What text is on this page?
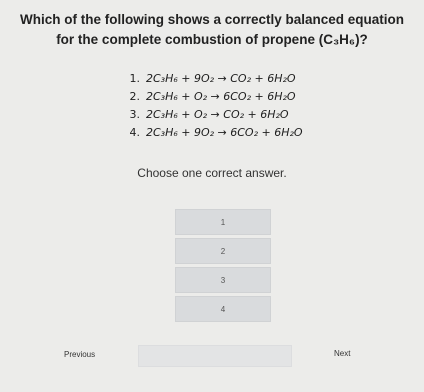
Which of the following shows a correctly balanced equation
for the complete combustion of propene (C₃H₆)?
1. 2C₃H₆ + 9O₂ → CO₂ + 6H₂O
2. 2C₃H₆ + O₂ → 6CO₂ + 6H₂O
3. 2C₃H₆ + O₂ → CO₂ + 6H₂O
4. 2C₃H₆ + 9O₂ → 6CO₂ + 6H₂O
Choose one correct answer.
1
2
3
4
Previous	Next
